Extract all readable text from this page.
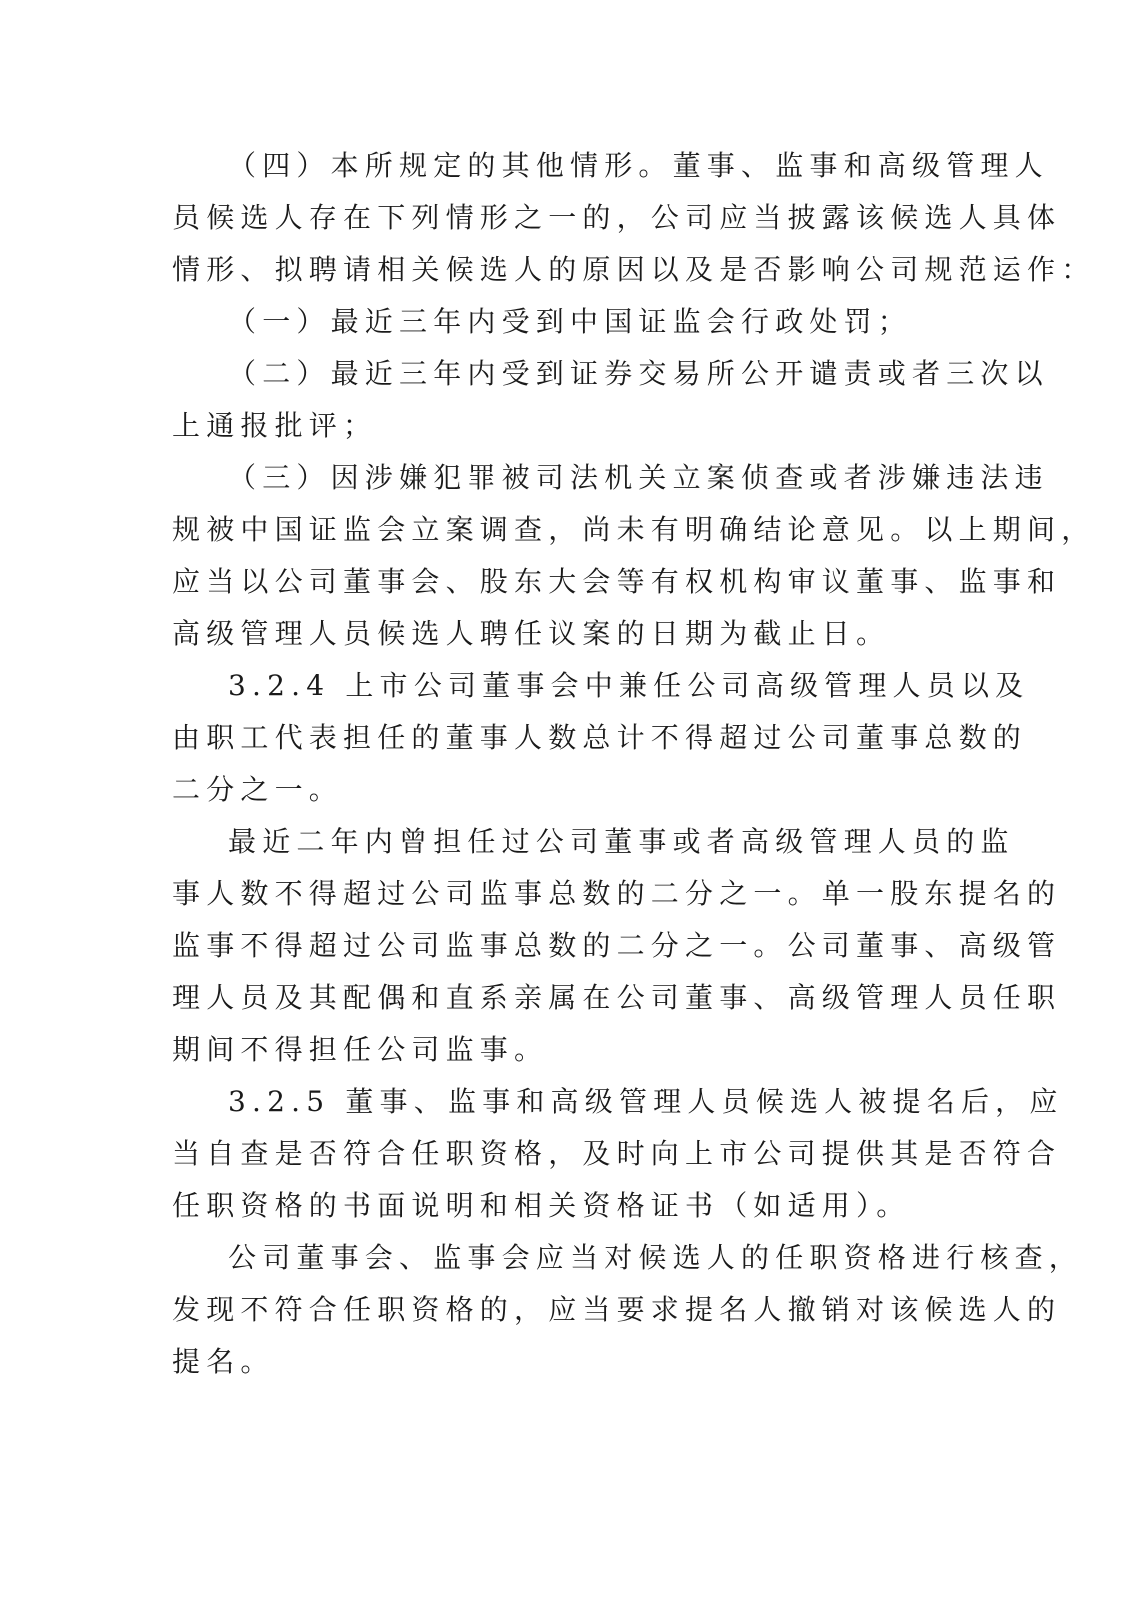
（四）本所规定的其他情形。董事、监事和高级管理人
员候选人存在下列情形之一的，公司应当披露该候选人具体
情形、拟聘请相关候选人的原因以及是否影响公司规范运作：
（一）最近三年内受到中国证监会行政处罚；
（二）最近三年内受到证券交易所公开谴责或者三次以
上通报批评；
（三）因涉嫌犯罪被司法机关立案侦查或者涉嫌违法违
规被中国证监会立案调查，尚未有明确结论意见。以上期间，
应当以公司董事会、股东大会等有权机构审议董事、监事和
高级管理人员候选人聘任议案的日期为截止日。
3.2.4 上市公司董事会中兼任公司高级管理人员以及
由职工代表担任的董事人数总计不得超过公司董事总数的
二分之一。
最近二年内曾担任过公司董事或者高级管理人员的监
事人数不得超过公司监事总数的二分之一。单一股东提名的
监事不得超过公司监事总数的二分之一。公司董事、高级管
理人员及其配偶和直系亲属在公司董事、高级管理人员任职
期间不得担任公司监事。
3.2.5 董事、监事和高级管理人员候选人被提名后，应
当自查是否符合任职资格，及时向上市公司提供其是否符合
任职资格的书面说明和相关资格证书（如适用）。
公司董事会、监事会应当对候选人的任职资格进行核查，
发现不符合任职资格的，应当要求提名人撤销对该候选人的
提名。
